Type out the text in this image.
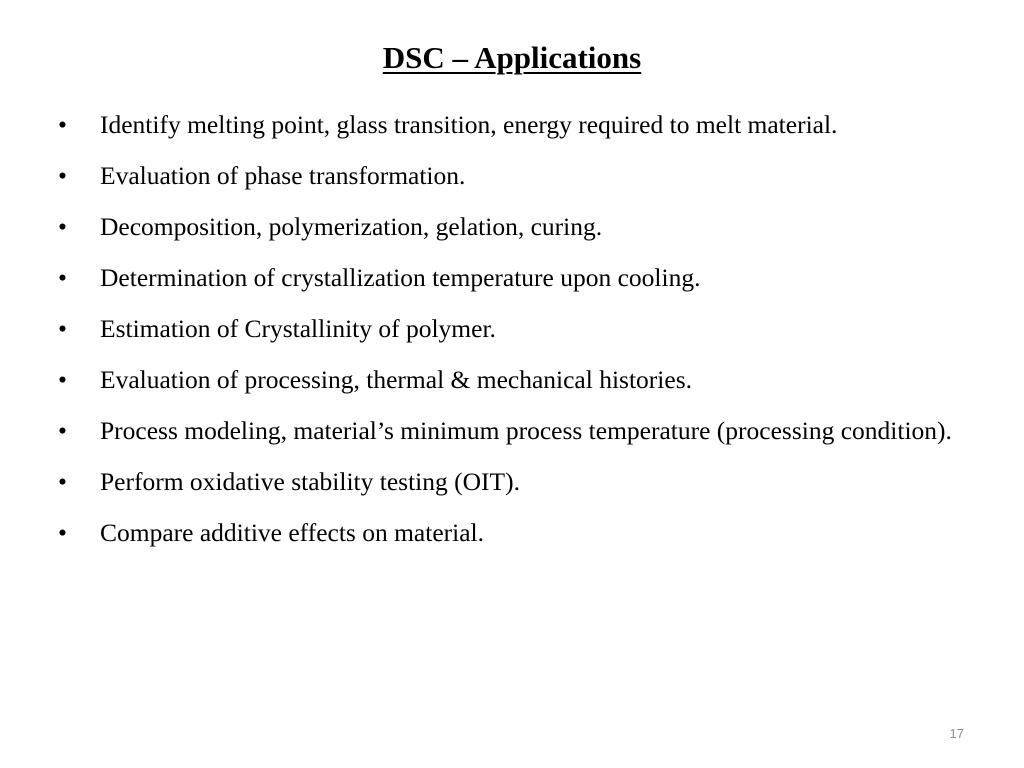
DSC – Applications
•	Identify melting point, glass transition, energy required to melt material.
•	Evaluation of phase transformation.
•	Decomposition, polymerization, gelation, curing.
•	Determination of crystallization temperature upon cooling.
•	Estimation of Crystallinity of polymer.
•	Evaluation of processing, thermal & mechanical histories.
•	Process modeling, material’s minimum process temperature (processing condition).
•	Perform oxidative stability testing (OIT).
•	Compare additive effects on material.
17
